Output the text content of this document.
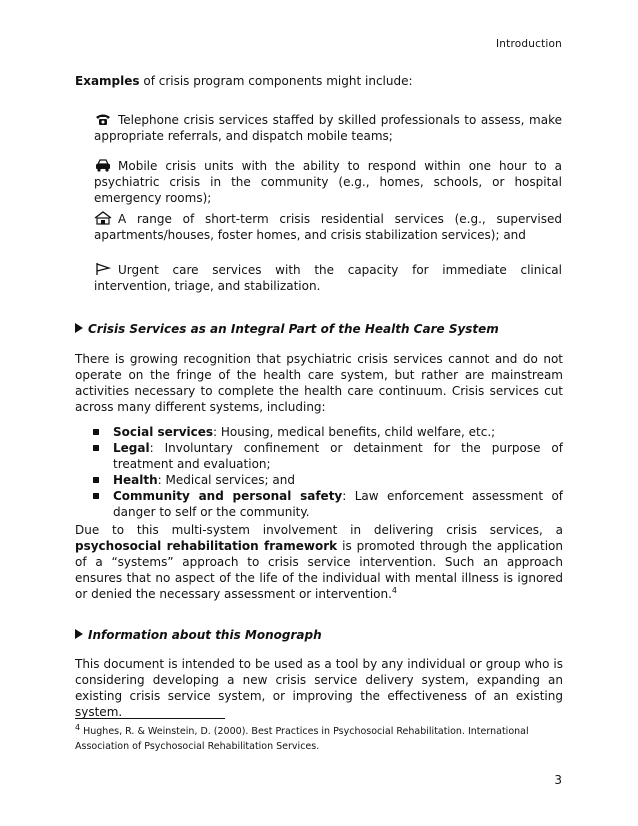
Introduction
Examples of crisis program components might include:
Telephone crisis services staffed by skilled professionals to assess, make appropriate referrals, and dispatch mobile teams;
Mobile crisis units with the ability to respond within one hour to a psychiatric crisis in the community (e.g., homes, schools, or hospital emergency rooms);
A range of short-term crisis residential services (e.g., supervised apartments/houses, foster homes, and crisis stabilization services); and
Urgent care services with the capacity for immediate clinical intervention, triage, and stabilization.
Crisis Services as an Integral Part of the Health Care System
There is growing recognition that psychiatric crisis services cannot and do not operate on the fringe of the health care system, but rather are mainstream activities necessary to complete the health care continuum. Crisis services cut across many different systems, including:
Social services: Housing, medical benefits, child welfare, etc.;
Legal: Involuntary confinement or detainment for the purpose of treatment and evaluation;
Health: Medical services; and
Community and personal safety: Law enforcement assessment of danger to self or the community.
Due to this multi-system involvement in delivering crisis services, a psychosocial rehabilitation framework is promoted through the application of a “systems” approach to crisis service intervention. Such an approach ensures that no aspect of the life of the individual with mental illness is ignored or denied the necessary assessment or intervention.$^4$
Information about this Monograph
This document is intended to be used as a tool by any individual or group who is considering developing a new crisis service delivery system, expanding an existing crisis service system, or improving the effectiveness of an existing system.
$^4$ Hughes, R. & Weinstein, D. (2000). Best Practices in Psychosocial Rehabilitation. International Association of Psychosocial Rehabilitation Services.
3
